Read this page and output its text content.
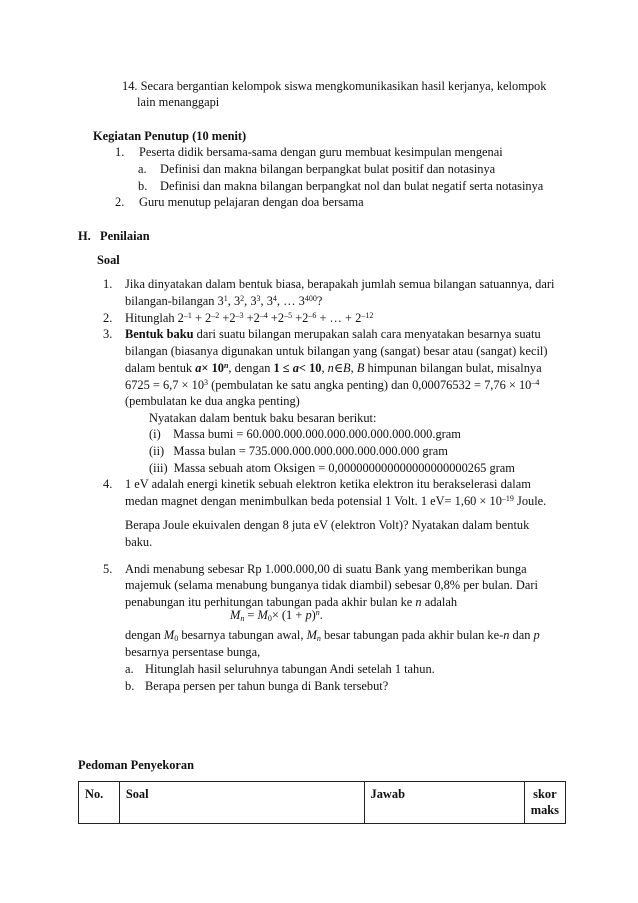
14. Secara bergantian kelompok siswa mengkomunikasikan hasil kerjanya, kelompok
lain menanggapi
Kegiatan Penutup (10 menit)
1. Peserta didik bersama-sama dengan guru membuat kesimpulan mengenai
a. Definisi dan makna bilangan berpangkat bulat positif dan notasinya
b. Definisi dan makna bilangan berpangkat nol dan bulat negatif serta notasinya
2. Guru menutup pelajaran dengan doa bersama
H.   Penilaian
Soal
1. Jika dinyatakan dalam bentuk biasa, berapakah jumlah semua bilangan satuannya, dari
bilangan-bilangan $3^1$, $3^2$, $3^3$, $3^4$, … $3^{400}$?
2. Hitunglah $2^{-1} + 2^{-2} +2^{-3} +2^{-4} +2^{-5} +2^{-6}$ + … + $2^{-12}$
3. Bentuk baku dari suatu bilangan merupakan salah cara menyatakan besarnya suatu
bilangan (biasanya digunakan untuk bilangan yang (sangat) besar atau (sangat) kecil)
dalam bentuk $a\times 10^n$, dengan 1 ≤ a< 10, n∈B, B himpunan bilangan bulat, misalnya
$6725 = 6,7 \times 10^3$ (pembulatan ke satu angka penting) dan $0,00076532 = 7,76 \times 10^{-4}$
(pembulatan ke dua angka penting)
Nyatakan dalam bentuk baku besaran berikut:
(i)    Massa bumi = 60.000.000.000.000.000.000.000.000.gram
(ii)   Massa bulan = 735.000.000.000.000.000.000.000 gram
(iii)  Massa sebuah atom Oksigen = 0,000000000000000000000265 gram
4. 1 eV adalah energi kinetik sebuah elektron ketika elektron itu berakselerasi dalam
medan magnet dengan menimbulkan beda potensial 1 Volt. 1 $eV= 1,60 \times 10^{-19}$ Joule.
Berapa Joule ekuivalen dengan 8 juta eV (elektron Volt)? Nyatakan dalam bentuk
baku.
5. Andi menabung sebesar Rp 1.000.000,00 di suatu Bank yang memberikan bunga
majemuk (selama menabung bunganya tidak diambil) sebesar 0,8% per bulan. Dari
penabungan itu perhitungan tabungan pada akhir bulan ke n adalah
$M_n = M_0\times (1 + p)^n$.
dengan $M_0$ besarnya tabungan awal, $M_n$ besar tabungan pada akhir bulan ke-n dan p
besarnya persentase bunga,
a. Hitunglah hasil seluruhnya tabungan Andi setelah 1 tahun.
b. Berapa persen per tahun bunga di Bank tersebut?
Pedoman Penyekoran
No.	Soal	Jawab	skor
maks
